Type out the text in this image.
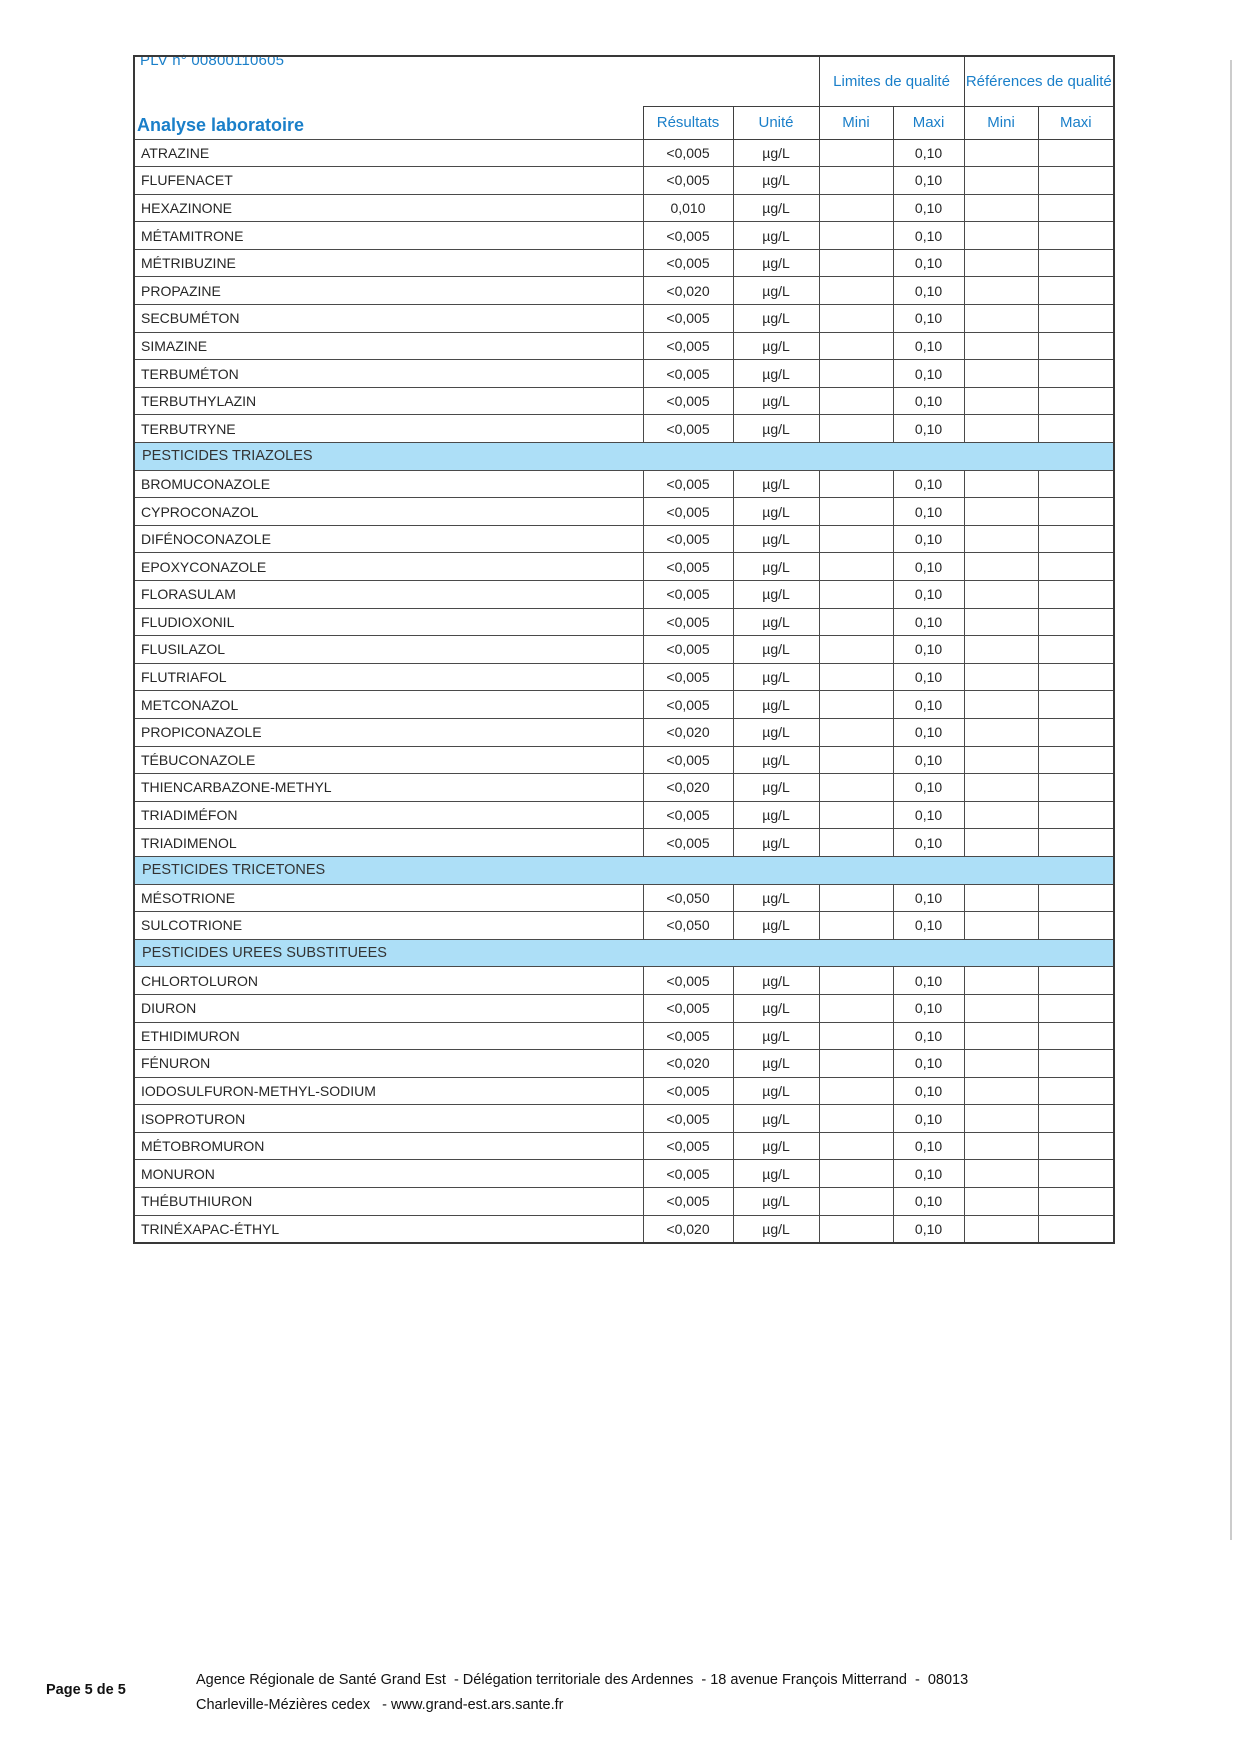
PLV n° 00800110605
			Limites de qualité		Références de qualité	
Analyse laboratoire	Résultats	Unité	Mini	Maxi	Mini	Maxi
ATRAZINE	<0,005	µg/L		0,10		
FLUFENACET	<0,005	µg/L		0,10		
HEXAZINONE	0,010	µg/L		0,10		
MÉTAMITRONE	<0,005	µg/L		0,10		
MÉTRIBUZINE	<0,005	µg/L		0,10		
PROPAZINE	<0,020	µg/L		0,10		
SECBUMÉTON	<0,005	µg/L		0,10		
SIMAZINE	<0,005	µg/L		0,10		
TERBUMÉTON	<0,005	µg/L		0,10		
TERBUTHYLAZIN	<0,005	µg/L		0,10		
TERBUTRYNE	<0,005	µg/L		0,10		
PESTICIDES TRIAZOLES						
BROMUCONAZOLE	<0,005	µg/L		0,10		
CYPROCONAZOL	<0,005	µg/L		0,10		
DIFÉNOCONAZOLE	<0,005	µg/L		0,10		
EPOXYCONAZOLE	<0,005	µg/L		0,10		
FLORASULAM	<0,005	µg/L		0,10		
FLUDIOXONIL	<0,005	µg/L		0,10		
FLUSILAZOL	<0,005	µg/L		0,10		
FLUTRIAFOL	<0,005	µg/L		0,10		
METCONAZOL	<0,005	µg/L		0,10		
PROPICONAZOLE	<0,020	µg/L		0,10		
TÉBUCONAZOLE	<0,005	µg/L		0,10		
THIENCARBAZONE-METHYL	<0,020	µg/L		0,10		
TRIADIMÉFON	<0,005	µg/L		0,10		
TRIADIMENOL	<0,005	µg/L		0,10		
PESTICIDES TRICETONES						
MÉSOTRIONE	<0,050	µg/L		0,10		
SULCOTRIONE	<0,050	µg/L		0,10		
PESTICIDES UREES SUBSTITUEES						
CHLORTOLURON	<0,005	µg/L		0,10		
DIURON	<0,005	µg/L		0,10		
ETHIDIMURON	<0,005	µg/L		0,10		
FÉNURON	<0,020	µg/L		0,10		
IODOSULFURON-METHYL-SODIUM	<0,005	µg/L		0,10		
ISOPROTURON	<0,005	µg/L		0,10		
MÉTOBROMURON	<0,005	µg/L		0,10		
MONURON	<0,005	µg/L		0,10		
THÉBUTHIURON	<0,005	µg/L		0,10		
TRINÉXAPAC-ÉTHYL	<0,020	µg/L		0,10		
Page 5 de 5
Agence Régionale de Santé Grand Est  - Délégation territoriale des Ardennes  - 18 avenue François Mitterrand  -  08013
Charleville-Mézières cedex   - www.grand-est.ars.sante.fr
